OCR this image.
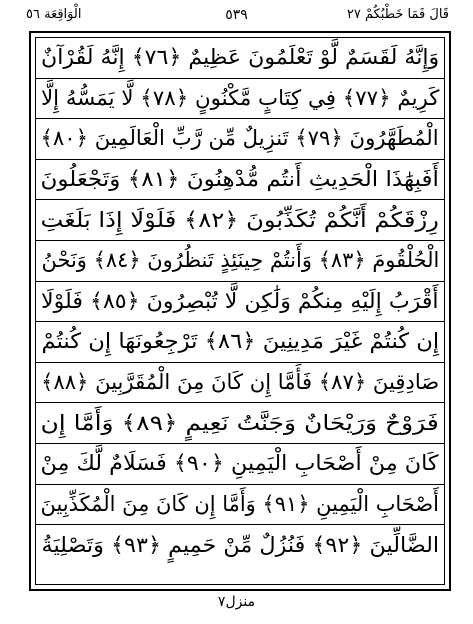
الْوَاقِعَة ٥٦	٥٣٩	قَالَ فَمَا خَطْبُكُمْ ٢٧
وَإِنَّهُ لَقَسَمٌ لَّوْ تَعْلَمُونَ عَظِيمٌ ﴿٧٦﴾ إِنَّهُ لَقُرْآنٌ
كَرِيمٌ ﴿٧٧﴾ فِي كِتَابٍ مَّكْنُونٍ ﴿٧٨﴾ لَّا يَمَسُّهُ إِلَّا
الْمُطَهَّرُونَ ﴿٧٩﴾ تَنزِيلٌ مِّن رَّبِّ الْعَالَمِينَ ﴿٨٠﴾
أَفَبِهَٰذَا الْحَدِيثِ أَنتُم مُّدْهِنُونَ ﴿٨١﴾ وَتَجْعَلُونَ
رِزْقَكُمْ أَنَّكُمْ تُكَذِّبُونَ ﴿٨٢﴾ فَلَوْلَا إِذَا بَلَغَتِ
الْحُلْقُومَ ﴿٨٣﴾ وَأَنتُمْ حِينَئِذٍ تَنظُرُونَ ﴿٨٤﴾ وَنَحْنُ
أَقْرَبُ إِلَيْهِ مِنكُمْ وَلَٰكِن لَّا تُبْصِرُونَ ﴿٨٥﴾ فَلَوْلَا
إِن كُنتُمْ غَيْرَ مَدِينِينَ ﴿٨٦﴾ تَرْجِعُونَهَا إِن كُنتُمْ
صَادِقِينَ ﴿٨٧﴾ فَأَمَّا إِن كَانَ مِنَ الْمُقَرَّبِينَ ﴿٨٨﴾
فَرَوْحٌ وَرَيْحَانٌ وَجَنَّتُ نَعِيمٍ ﴿٨٩﴾ وَأَمَّا إِن
كَانَ مِنْ أَصْحَابِ الْيَمِينِ ﴿٩٠﴾ فَسَلَامٌ لَّكَ مِنْ
أَصْحَابِ الْيَمِينِ ﴿٩١﴾ وَأَمَّا إِن كَانَ مِنَ الْمُكَذِّبِينَ
الضَّالِّينَ ﴿٩٢﴾ فَنُزُلٌ مِّنْ حَمِيمٍ ﴿٩٣﴾ وَتَصْلِيَةُ
منزل٧
